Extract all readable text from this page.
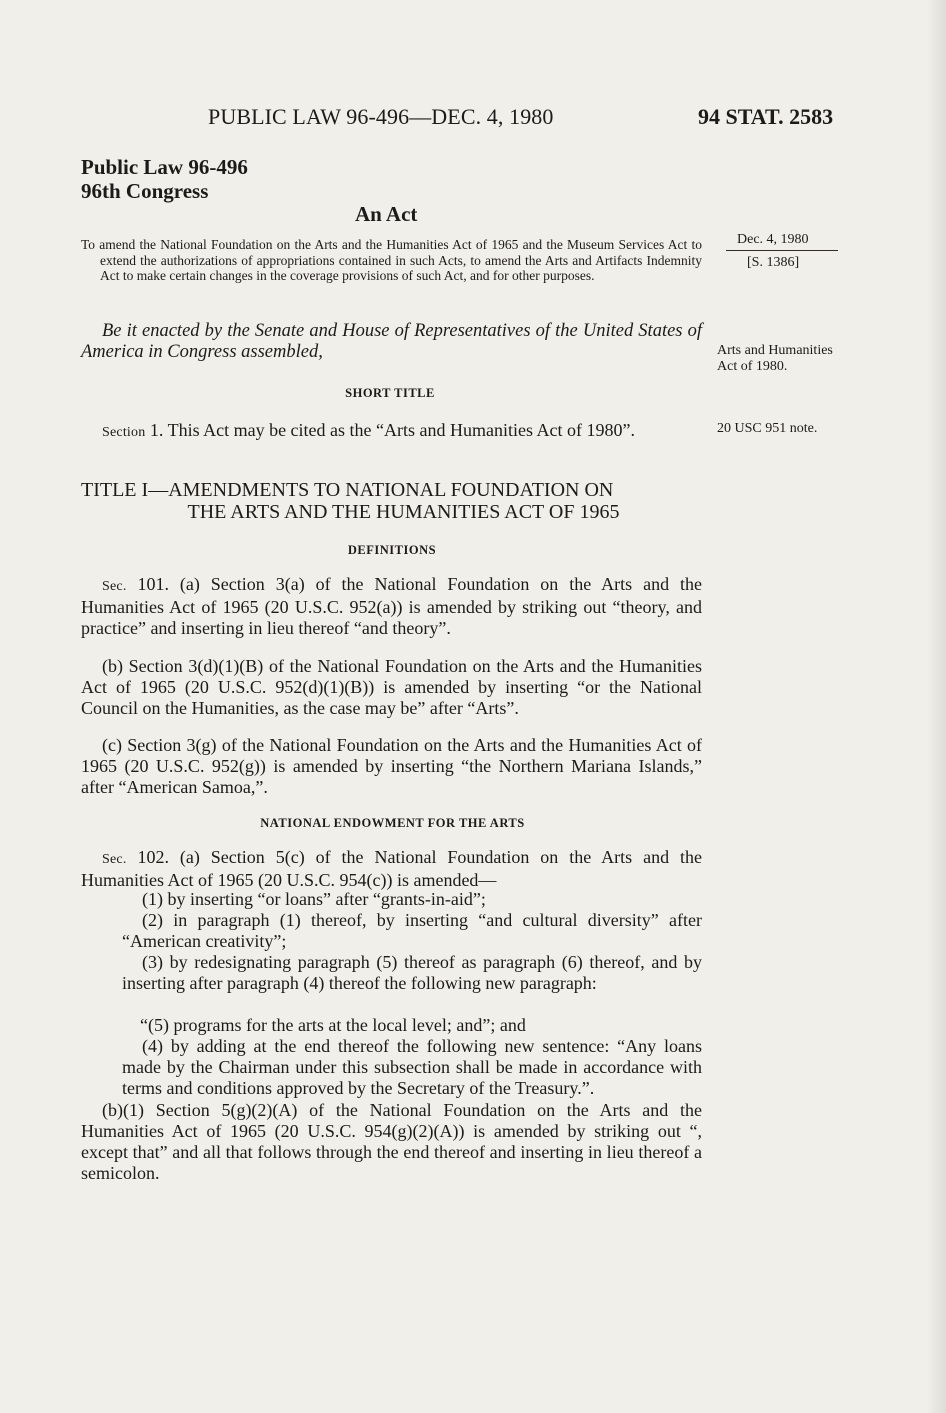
PUBLIC LAW 96-496—DEC. 4, 1980	94 STAT. 2583
Public Law 96-496
96th Congress
An Act
To amend the National Foundation on the Arts and the Humanities Act of 1965 and the Museum Services Act to extend the authorizations of appropriations contained in such Acts, to amend the Arts and Artifacts Indemnity Act to make certain changes in the coverage provisions of such Act, and for other purposes.
Dec. 4, 1980
[S. 1386]
Be it enacted by the Senate and House of Representatives of the United States of America in Congress assembled,	Arts and Humanities Act of 1980.
SHORT TITLE
Section 1. This Act may be cited as the “Arts and Humanities Act of 1980”.	20 USC 951 note.
TITLE I—AMENDMENTS TO NATIONAL FOUNDATION ON
THE ARTS AND THE HUMANITIES ACT OF 1965
DEFINITIONS
Sec. 101. (a) Section 3(a) of the National Foundation on the Arts and the Humanities Act of 1965 (20 U.S.C. 952(a)) is amended by striking out “theory, and practice” and inserting in lieu thereof “and theory”.
(b) Section 3(d)(1)(B) of the National Foundation on the Arts and the Humanities Act of 1965 (20 U.S.C. 952(d)(1)(B)) is amended by inserting “or the National Council on the Humanities, as the case may be” after “Arts”.
(c) Section 3(g) of the National Foundation on the Arts and the Humanities Act of 1965 (20 U.S.C. 952(g)) is amended by inserting “the Northern Mariana Islands,” after “American Samoa,”.
NATIONAL ENDOWMENT FOR THE ARTS
Sec. 102. (a) Section 5(c) of the National Foundation on the Arts and the Humanities Act of 1965 (20 U.S.C. 954(c)) is amended—
(1) by inserting “or loans” after “grants-in-aid”;
(2) in paragraph (1) thereof, by inserting “and cultural diversity” after “American creativity”;
(3) by redesignating paragraph (5) thereof as paragraph (6) thereof, and by inserting after paragraph (4) thereof the following new paragraph:
“(5) programs for the arts at the local level; and”; and
(4) by adding at the end thereof the following new sentence: “Any loans made by the Chairman under this subsection shall be made in accordance with terms and conditions approved by the Secretary of the Treasury.”.
(b)(1) Section 5(g)(2)(A) of the National Foundation on the Arts and the Humanities Act of 1965 (20 U.S.C. 954(g)(2)(A)) is amended by striking out “, except that” and all that follows through the end thereof and inserting in lieu thereof a semicolon.
